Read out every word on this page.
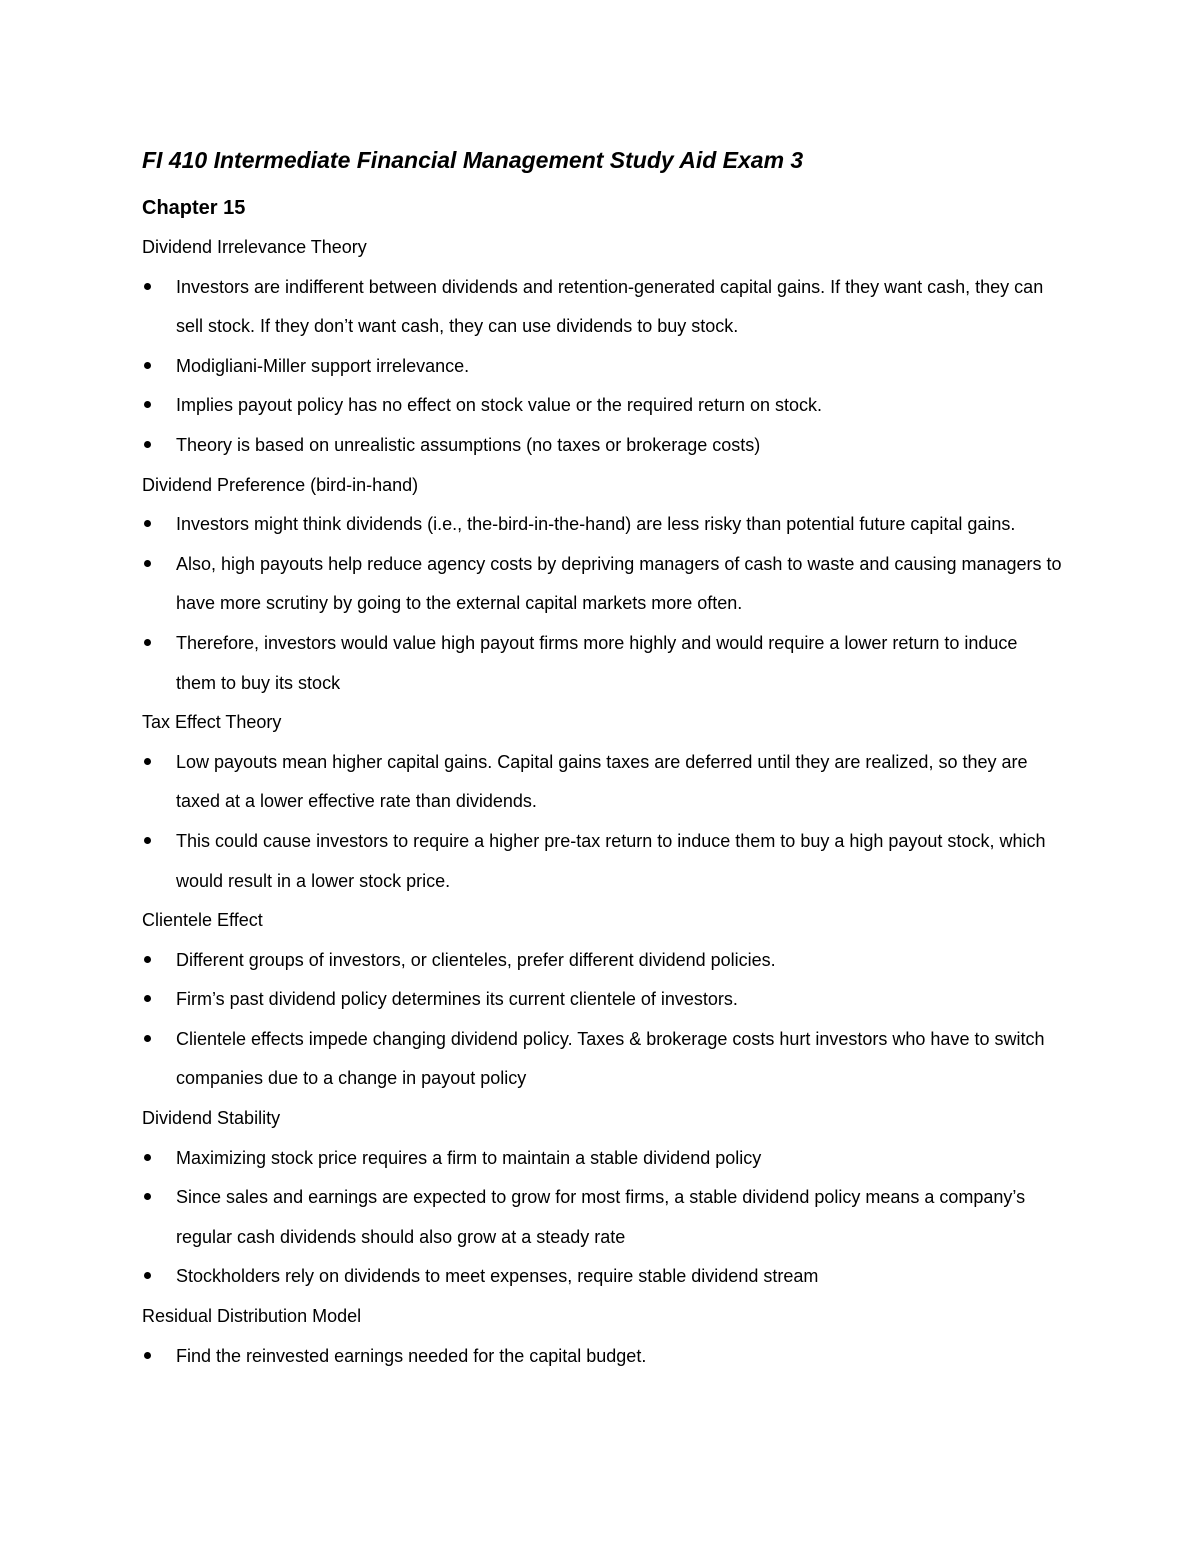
FI 410 Intermediate Financial Management Study Aid Exam 3
Chapter 15
Dividend Irrelevance Theory
Investors are indifferent between dividends and retention-generated capital gains. If they want cash, they can sell stock. If they don’t want cash, they can use dividends to buy stock.
Modigliani-Miller support irrelevance.
Implies payout policy has no effect on stock value or the required return on stock.
Theory is based on unrealistic assumptions (no taxes or brokerage costs)
Dividend Preference (bird-in-hand)
Investors might think dividends (i.e., the-bird-in-the-hand) are less risky than potential future capital gains.
Also, high payouts help reduce agency costs by depriving managers of cash to waste and causing managers to have more scrutiny by going to the external capital markets more often.
Therefore, investors would value high payout firms more highly and would require a lower return to induce them to buy its stock
Tax Effect Theory
Low payouts mean higher capital gains. Capital gains taxes are deferred until they are realized, so they are taxed at a lower effective rate than dividends.
This could cause investors to require a higher pre-tax return to induce them to buy a high payout stock, which would result in a lower stock price.
Clientele Effect
Different groups of investors, or clienteles, prefer different dividend policies.
Firm’s past dividend policy determines its current clientele of investors.
Clientele effects impede changing dividend policy. Taxes & brokerage costs hurt investors who have to switch companies due to a change in payout policy
Dividend Stability
Maximizing stock price requires a firm to maintain a stable dividend policy
Since sales and earnings are expected to grow for most firms, a stable dividend policy means a company’s regular cash dividends should also grow at a steady rate
Stockholders rely on dividends to meet expenses, require stable dividend stream
Residual Distribution Model
Find the reinvested earnings needed for the capital budget.
